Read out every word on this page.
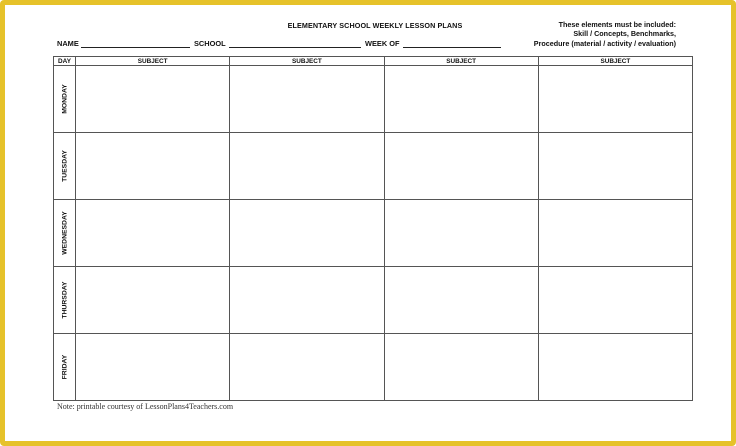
ELEMENTARY SCHOOL WEEKLY LESSON PLANS	These elements must be included:
Skill / Concepts, Benchmarks,
Procedure (material / activity / evaluation)
NAME	SCHOOL	WEEK OF
DAY	SUBJECT	SUBJECT	SUBJECT	SUBJECT

MONDAY				

TUESDAY				

WEDNESDAY				

THURSDAY				

FRIDAY				

Note: printable courtesy of LessonPlans4Teachers.com
